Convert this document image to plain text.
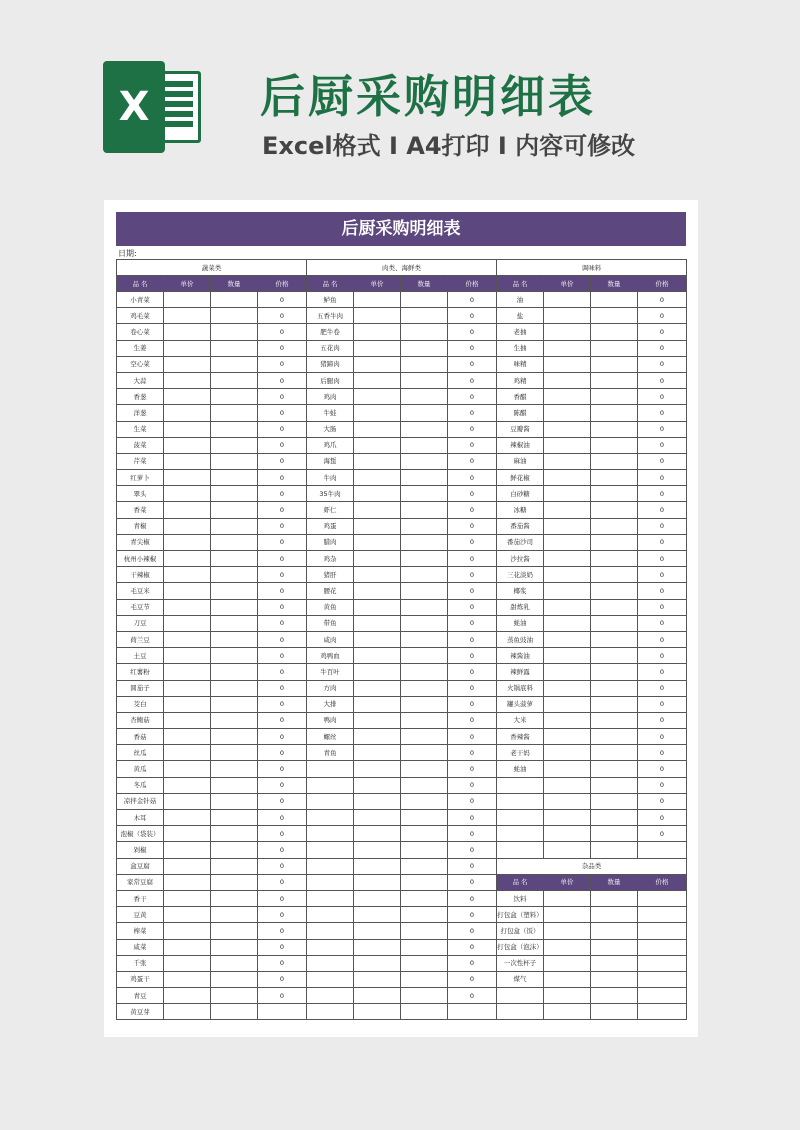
X	后厨采购明细表
Excel格式 I A4打印 I 内容可修改
后厨采购明细表
日期:
蔬菜类				肉类、海鲜类				调味料			
品 名	单价	数量	价格	品 名	单价	数量	价格	品 名	单价	数量	价格
小青菜			0	鲈鱼			0	油			0
鸡毛菜			0	五香牛肉			0	盐			0
卷心菜			0	肥牛卷			0	老抽			0
生姜			0	五花肉			0	生抽			0
空心菜			0	猪蹄肉			0	味精			0
大蒜			0	后腿肉			0	鸡精			0
香葱			0	鸡肉			0	香醋			0
洋葱			0	牛蛙			0	陈醋			0
生菜			0	大肠			0	豆瓣酱			0
菠菜			0	鸡爪			0	辣椒油			0
芹菜			0	海蜇			0	麻油			0
红萝卜			0	牛肉			0	鲜花椒			0
翠头			0	35牛肉			0	白砂糖			0
香菜			0	虾仁			0	冰糖			0
青椒			0	鸡蛋			0	番茄酱			0
青尖椒			0	腊肉			0	番茄沙司			0
杭州小辣椒			0	鸡杂			0	沙拉酱			0
干辣椒			0	猪肝			0	三花淡奶			0
毛豆米			0	腰花			0	椰浆			0
毛豆节			0	黄鱼			0	甜炼乳			0
刀豆			0	带鱼			0	蚝油			0
荷兰豆			0	咸肉			0	蒸鱼豉油			0
土豆			0	鸡鸭血			0	辣酱油			0
红薯粉			0	牛百叶			0	辣鲜露			0
圆茄子			0	方肉			0	火锅底料			0
茭白			0	大排			0	罐头菠萝			0
杏鲍菇			0	鸭肉			0	大米			0
香菇			0	螺丝			0	香辣酱			0
丝瓜			0	青鱼			0	老干妈			0
黄瓜			0				0	蚝油			0
冬瓜			0				0				0
凉拌金针菇			0				0				0
木耳			0				0				0
泡椒（袋装）			0				0				0
剁椒			0				0				
盒豆腐			0				0	杂品类			
家常豆腐			0				0	品 名	单价	数量	价格
香干			0				0	饮料			
豆黄			0				0	打包盒（塑料）			
榨菜			0				0	打包盒（饭）			
咸菜			0				0	打包盒（泡沫）			
千张			0				0	一次性杯子			
鸡蛋干			0				0	煤气			
青豆			0				0				
黄豆芽											
